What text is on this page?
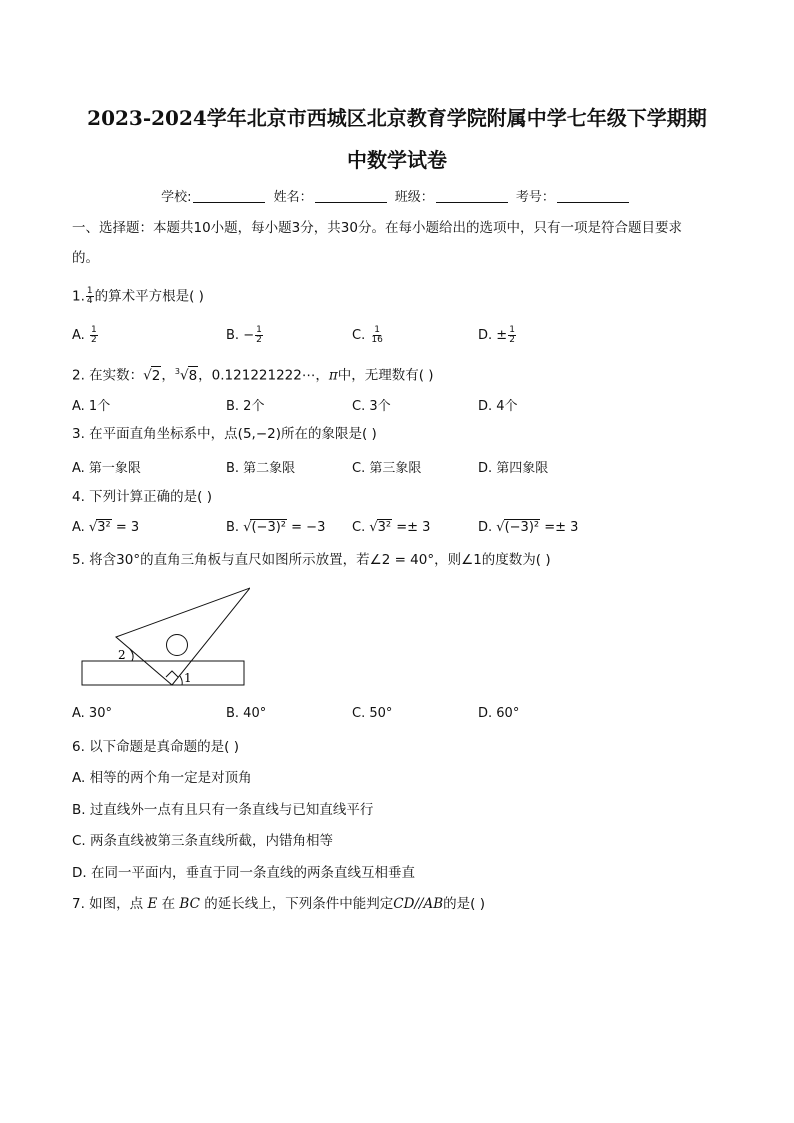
2023-2024学年北京市西城区北京教育学院附属中学七年级下学期期
中数学试卷
学校:	姓名：	班级：	考号：
一、选择题：本题共10小题，每小题3分，共30分。在每小题给出的选项中，只有一项是符合题目要求
的。
1. $\frac{1}{4}$ 的算术平方根是( )
A. $\frac{1}{2}$	B. − $\frac{1}{2}$	C. $\frac{1}{16}$	D. ± $\frac{1}{2}$
2. 在实数：√2，$^3$√8，0.121221222⋯，π中，无理数有( )
A. 1个	B. 2个	C. 3个	D. 4个
3. 在平面直角坐标系中，点(5,−2)所在的象限是( )
A. 第一象限	B. 第二象限	C. 第三象限	D. 第四象限
4. 下列计算正确的是( )
A. √3² = 3	B. √(−3)² = −3 C. √3² =± 3	D. √(−3)² =± 3
5. 将含30°的直角三角板与直尺如图所示放置，若∠2 = 40°，则∠1的度数为( )
2
1
A. 30°	B. 40°	C. 50°	D. 60°
6. 以下命题是真命题的是( )
A. 相等的两个角一定是对顶角
B. 过直线外一点有且只有一条直线与已知直线平行
C. 两条直线被第三条直线所截，内错角相等
D. 在同一平面内，垂直于同一条直线的两条直线互相垂直
7. 如图，点 E 在 BC 的延长线上，下列条件中能判定CD//AB的是( )
